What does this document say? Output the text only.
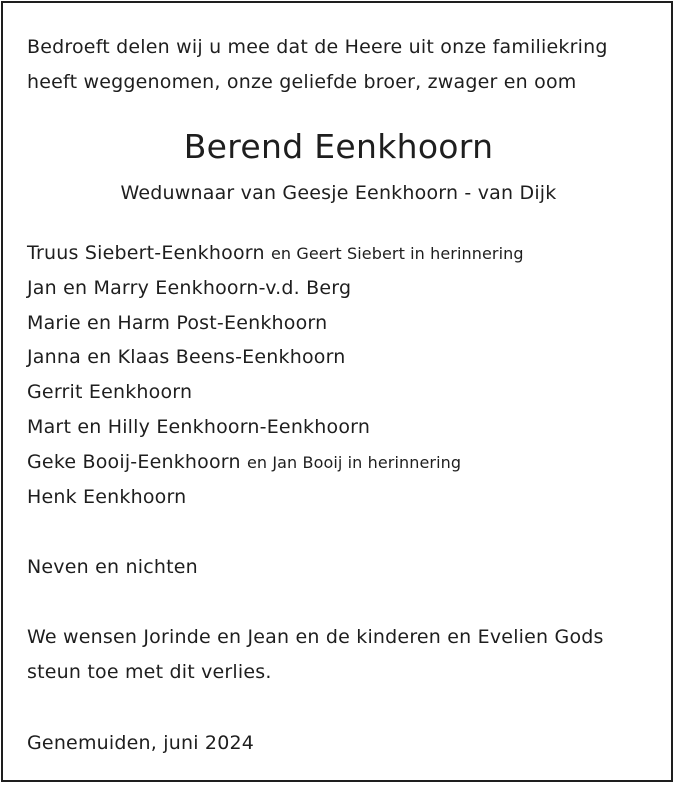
Bedroeft delen wij u mee dat de Heere uit onze familiekring
heeft weggenomen, onze geliefde broer, zwager en oom
Berend Eenkhoorn
Weduwnaar van Geesje Eenkhoorn - van Dijk
Truus Siebert-Eenkhoorn en Geert Siebert in herinnering
Jan en Marry Eenkhoorn-v.d. Berg
Marie en Harm Post-Eenkhoorn
Janna en Klaas Beens-Eenkhoorn
Gerrit Eenkhoorn
Mart en Hilly Eenkhoorn-Eenkhoorn
Geke Booij-Eenkhoorn en Jan Booij in herinnering
Henk Eenkhoorn
Neven en nichten
We wensen Jorinde en Jean en de kinderen en Evelien Gods
steun toe met dit verlies.
Genemuiden, juni 2024
